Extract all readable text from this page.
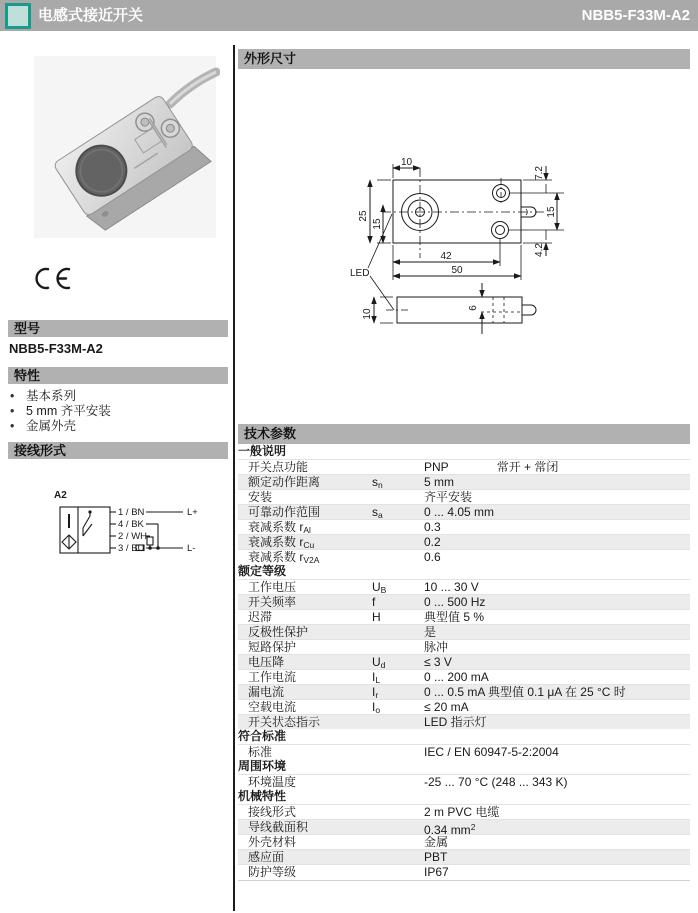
电感式接近开关	NBB5-F33M-A2
型号
NBB5-F33M-A2
特性
• 基本系列
• 5 mm 齐平安装
• 金属外壳
接线形式
A2
1 / BN
4 / BK
2 / WH
3 / BU
L+
L-
外形尺寸
10
25
15
7.2
15
4.2
42
50
10
6
LED
技术参数
一般说明
开关点功能	PNP	常开 + 常闭
额定动作距离	$s_n$	5 mm
安装	齐平安装
可靠动作范围	$s_a$	0 ... 4.05 mm
衰减系数 $r_{Al}$	0.3
衰减系数 $r_{Cu}$	0.2
衰减系数 $r_{V2A}$	0.6
额定等级
工作电压	$U_B$	10 ... 30 V
开关频率	f	0 ... 500 Hz
迟滞	H	典型值 5 %
反极性保护	是
短路保护	脉冲
电压降	$U_d$	≤ 3 V
工作电流	$I_L$	0 ... 200 mA
漏电流	$I_r$	0 ... 0.5 mA 典型值 0.1 μA 在 25 °C 时
空载电流	$I_o$	≤ 20 mA
开关状态指示	LED 指示灯
符合标准
标准	IEC / EN 60947-5-2:2004
周围环境
环境温度	-25 ... 70 °C (248 ... 343 K)
机械特性
接线形式	2 m PVC 电缆
导线截面积	0.34 $mm^2$
外壳材料	金属
感应面	PBT
防护等级	IP67
